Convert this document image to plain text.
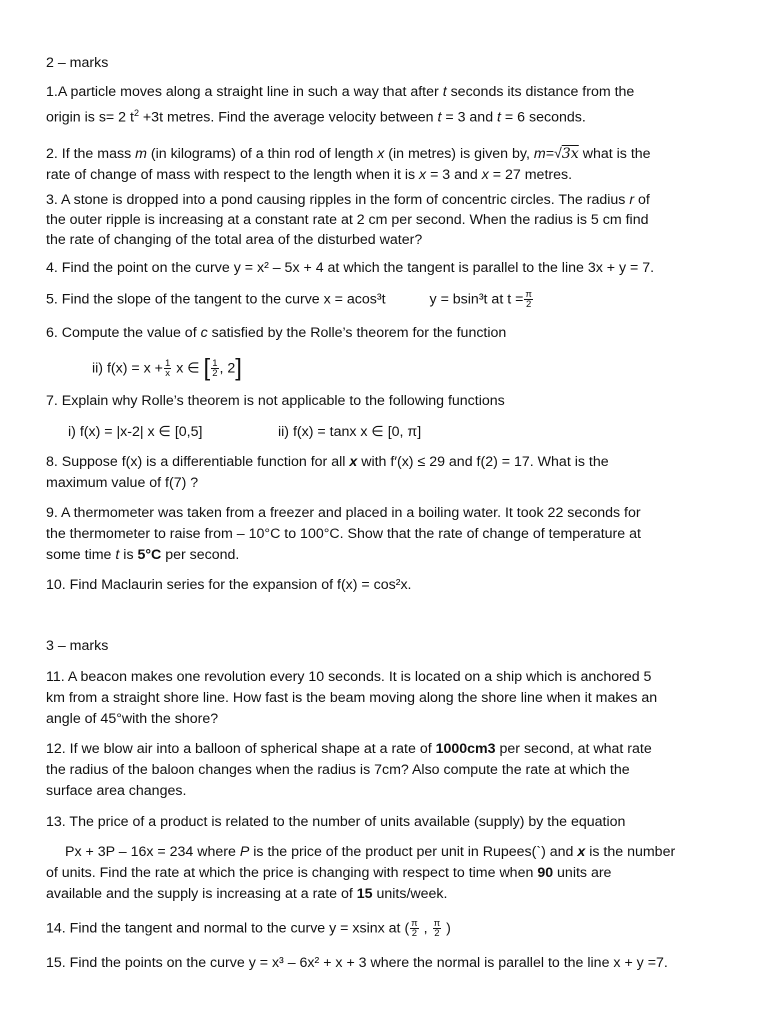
2 – marks
1.A particle moves along a straight line in such a way that after t seconds its distance from the
origin is s= 2 $t^2 +3t$ metres. Find the average velocity between t = 3 and t = 6 seconds.
2. If the mass m (in kilograms) of a thin rod of length x (in metres) is given by, m=√3x what is the
rate of change of mass with respect to the length when it is x = 3 and x = 27 metres.
3. A stone is dropped into a pond causing ripples in the form of concentric circles. The radius r of
the outer ripple is increasing at a constant rate at 2 cm per second. When the radius is 5 cm find
the rate of changing of the total area of the disturbed water?
4. Find the point on the curve y = x² – 5x + 4 at which the tangent is parallel to the line 3x + y = 7.
5. Find the slope of the tangent to the curve x = acos³t	y = bsin³t at $t = \frac{\pi}{2}$
6. Compute the value of c satisfied by the Rolle’s theorem for the function
ii) $f(x) = x + \frac{1}{x}$ x ∈ [ $\frac{1}{2}$ , 2]
7. Explain why Rolle’s theorem is not applicable to the following functions
i) f(x) = |x-2| x ∈ [0,5]	ii) f(x) = tanx x ∈ [0, π]
8. Suppose f(x) is a differentiable function for all x with f′(x) ≤ 29 and f(2) = 17. What is the
maximum value of f(7) ?
9. A thermometer was taken from a freezer and placed in a boiling water. It took 22 seconds for
the thermometer to raise from – 10°C to 100°C. Show that the rate of change of temperature at
some time t is 5°C per second.
10. Find Maclaurin series for the expansion of f(x) = cos²x.
3 – marks
11. A beacon makes one revolution every 10 seconds. It is located on a ship which is anchored 5
km from a straight shore line. How fast is the beam moving along the shore line when it makes an
angle of 45°with the shore?
12. If we blow air into a balloon of spherical shape at a rate of 1000cm3 per second, at what rate
the radius of the baloon changes when the radius is 7cm? Also compute the rate at which the
surface area changes.
13. The price of a product is related to the number of units available (supply) by the equation
Px + 3P – 16x = 234 where P is the price of the product per unit in Rupees(`) and x is the number
of units. Find the rate at which the price is changing with respect to time when 90 units are
available and the supply is increasing at a rate of 15 units/week.
14. Find the tangent and normal to the curve y = xsinx at ( $\frac{\pi}{2}$ , $\frac{\pi}{2}$ )
15. Find the points on the curve y = x³ – 6x² + x + 3 where the normal is parallel to the line x + y =7.
